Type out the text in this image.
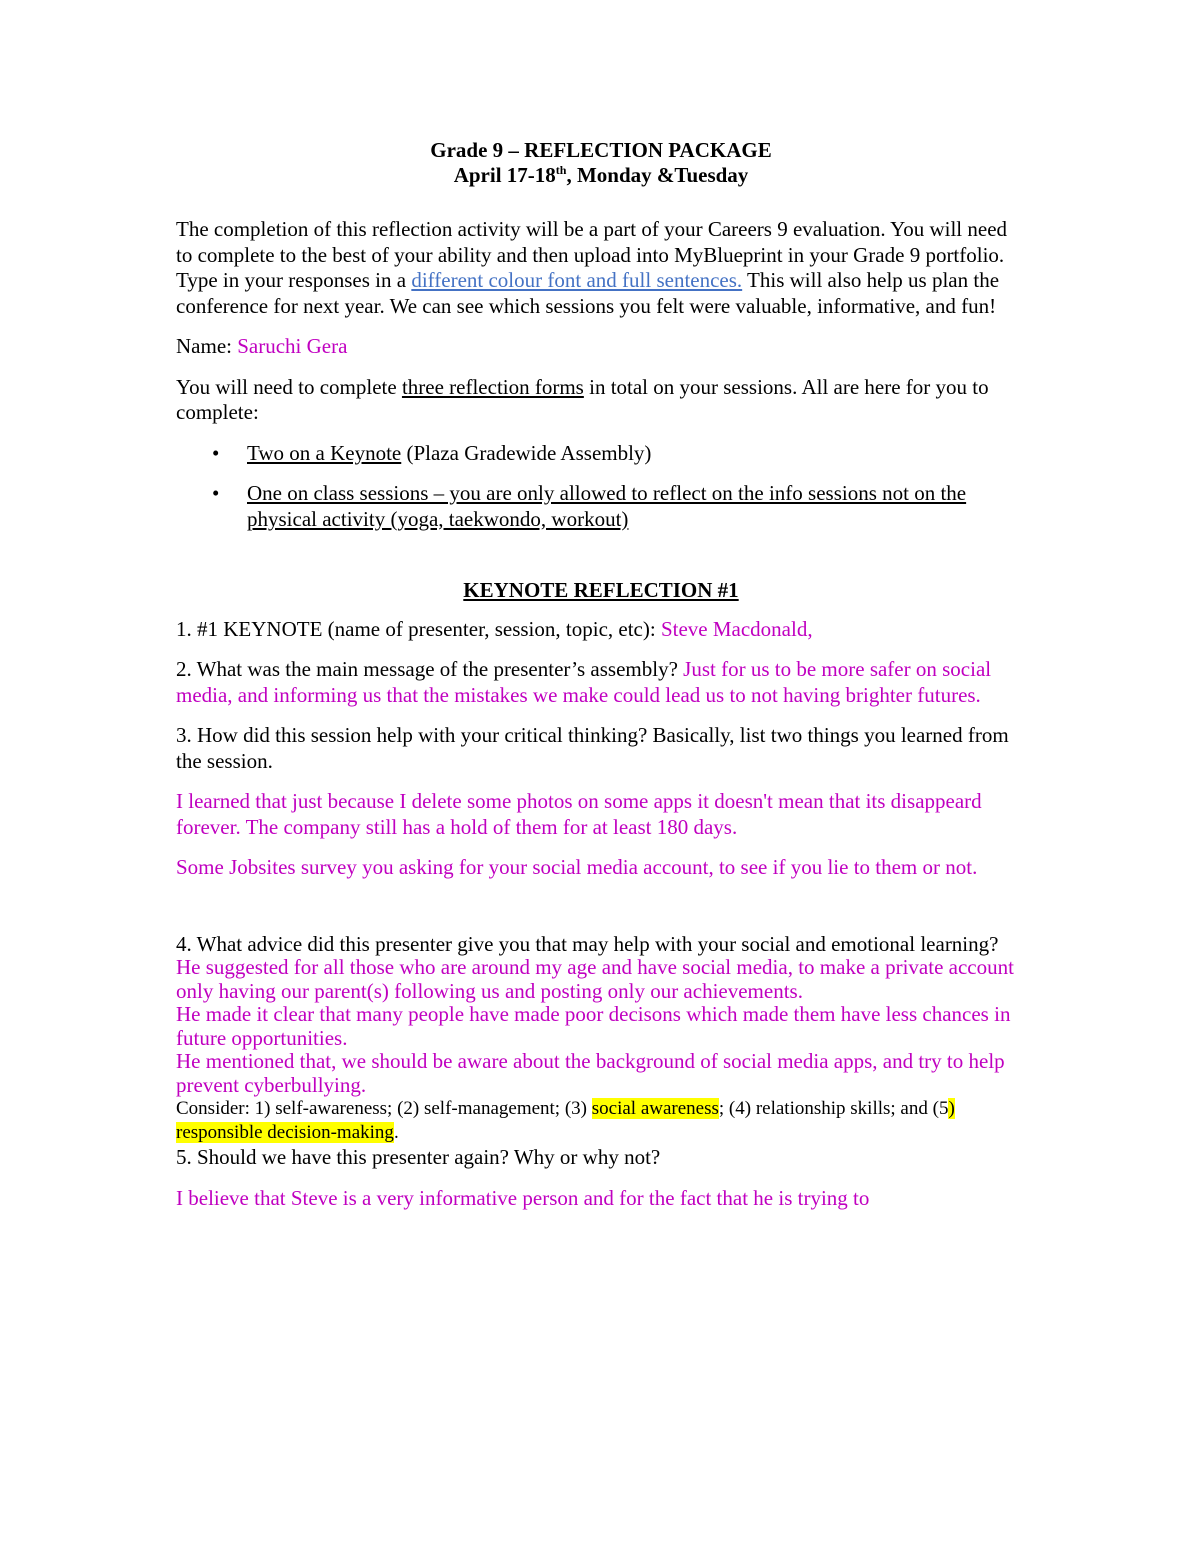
Grade 9 – REFLECTION PACKAGE
April 17-18th, Monday &Tuesday

The completion of this reflection activity will be a part of your Careers 9 evaluation. You will need to complete to the best of your ability and then upload into MyBlueprint in your Grade 9 portfolio. Type in your responses in a different colour font and full sentences. This will also help us plan the conference for next year. We can see which sessions you felt were valuable, informative, and fun!

Name: Saruchi Gera

You will need to complete three reflection forms in total on your sessions. All are here for you to complete:

• Two on a Keynote (Plaza Gradewide Assembly)
• One on class sessions – you are only allowed to reflect on the info sessions not on the physical activity (yoga, taekwondo, workout)
KEYNOTE REFLECTION #1

1. #1 KEYNOTE (name of presenter, session, topic, etc): Steve Macdonald,

2. What was the main message of the presenter’s assembly? Just for us to be more safer on social media, and informing us that the mistakes we make could lead us to not having brighter futures.

3. How did this session help with your critical thinking? Basically, list two things you learned from the session.

I learned that just because I delete some photos on some apps it doesn't mean that its disappeard forever. The company still has a hold of them for at least 180 days.

Some Jobsites survey you asking for your social media account, to see if you lie to them or not.

4. What advice did this presenter give you that may help with your social and emotional learning?

He suggested for all those who are around my age and have social media, to make a private account only having our parent(s) following us and posting only our achievements.

He made it clear that many people have made poor decisons which made them have less chances in future opportunities.

He mentioned that, we should be aware about the background of social media apps, and try to help prevent cyberbullying.

Consider: 1) self-awareness; (2) self-management; (3) social awareness; (4) relationship skills; and (5) responsible decision-making.

5. Should we have this presenter again? Why or why not?

I believe that Steve is a very informative person and for the fact that he is trying to
